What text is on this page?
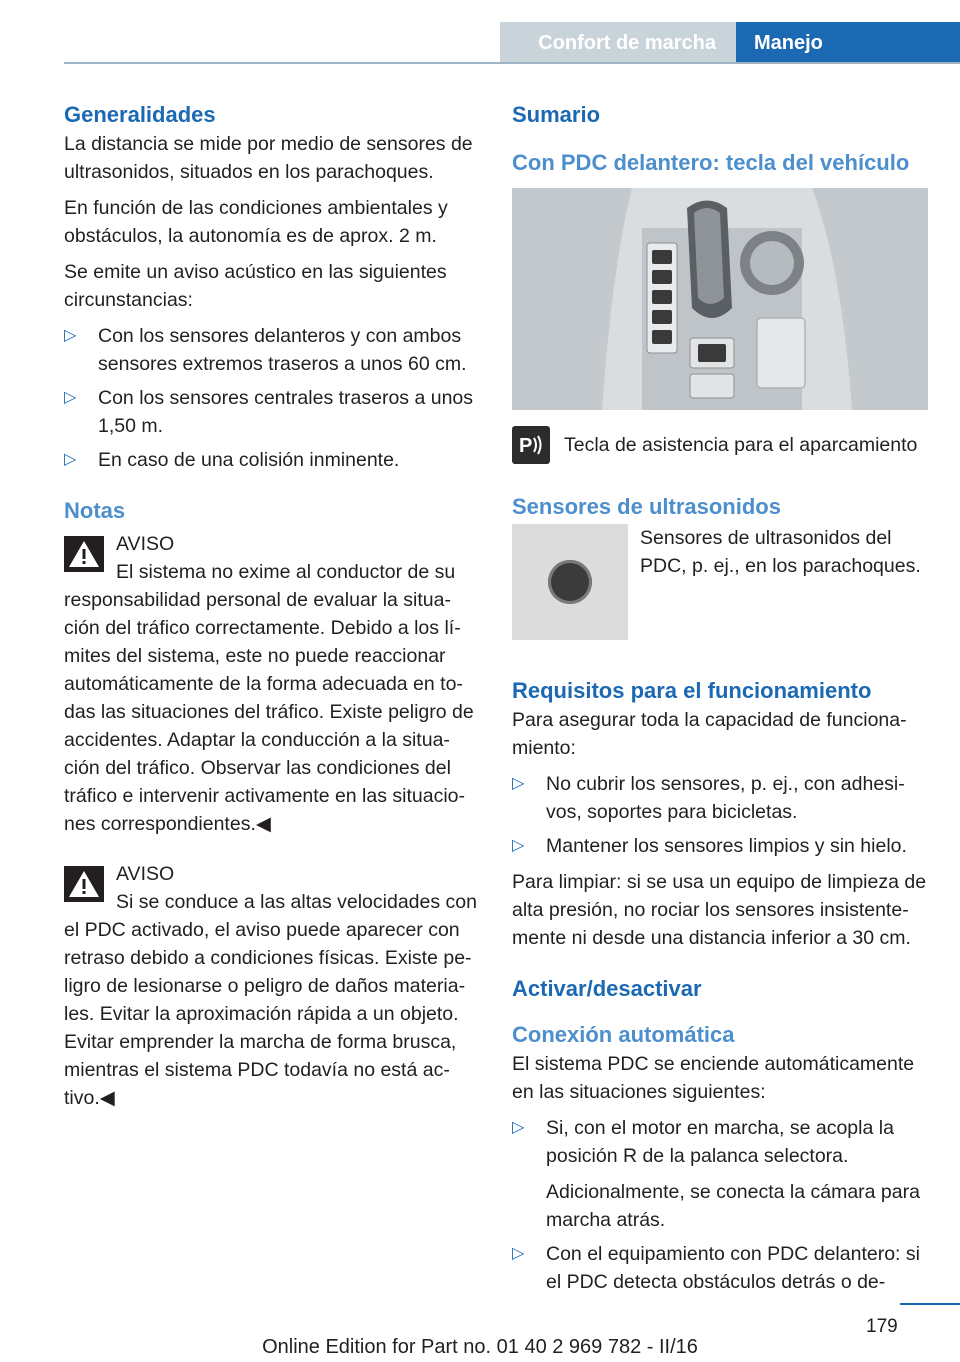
Confort de marcha	Manejo
Generalidades

La distancia se mide por medio de sensores de ultrasonidos, situados en los parachoques.

En función de las condiciones ambientales y obstáculos, la autonomía es de aprox. 2 m.

Se emite un aviso acústico en las siguientes circunstancias:

▷ Con los sensores delanteros y con ambos sensores extremos traseros a unos 60 cm.
▷ Con los sensores centrales traseros a unos 1,50 m.
▷ En caso de una colisión inminente.
Notas
AVISO

El sistema no exime al conductor de su responsabilidad personal de evaluar la situa‐ción del tráfico correctamente. Debido a los lí‐mites del sistema, este no puede reaccionar automáticamente de la forma adecuada en to‐das las situaciones del tráfico. Existe peligro de accidentes. Adaptar la conducción a la situa‐ción del tráfico. Observar las condiciones del tráfico e intervenir activamente en las situacio‐nes correspondientes.◀

AVISO

Si se conduce a las altas velocidades con el PDC activado, el aviso puede aparecer con retraso debido a condiciones físicas. Existe pe‐ligro de lesionarse o peligro de daños materia‐les. Evitar la aproximación rápida a un objeto. Evitar emprender la marcha de forma brusca, mientras el sistema PDC todavía no está ac‐tivo.◀

Sumario
Con PDC delantero: tecla del vehículo
P Tecla de asistencia para el aparcamiento
Sensores de ultrasonidos
Sensores de ultrasonidos del PDC, p. ej., en los parachoques.
Requisitos para el funcionamiento

Para asegurar toda la capacidad de funciona‐miento:

▷ No cubrir los sensores, p. ej., con adhesi‐vos, soportes para bicicletas.
▷ Mantener los sensores limpios y sin hielo.

Para limpiar: si se usa un equipo de limpieza de alta presión, no rociar los sensores insistente‐mente ni desde una distancia inferior a 30 cm.

Activar/desactivar
Conexión automática

El sistema PDC se enciende automáticamente en las situaciones siguientes:

▷ Si, con el motor en marcha, se acopla la posición R de la palanca selectora.
Adicionalmente, se conecta la cámara para marcha atrás.
▷ Con el equipamiento con PDC delantero: si el PDC detecta obstáculos detrás o de‐
179
Online Edition for Part no. 01 40 2 969 782 - II/16
